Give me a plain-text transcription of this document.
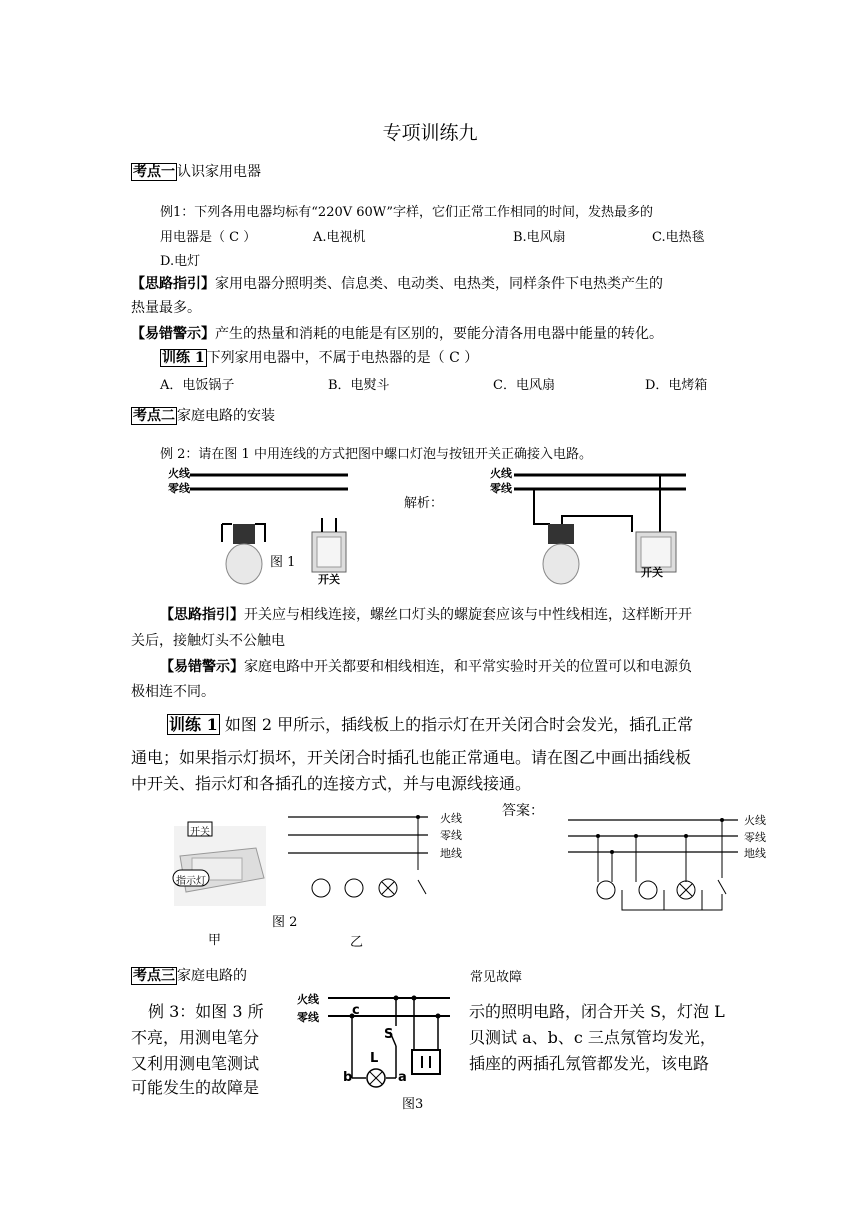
专项训练九
考点一 认识家用电器
例1：下列各用电器均标有“220V 60W”字样，它们正常工作相同的时间，发热最多的
用电器是（ C ）	A.电视机	B.电风扇	C.电热毯
D.电灯
【思路指引】家用电器分照明类、信息类、电动类、电热类，同样条件下电热类产生的
热量最多。
【易错警示】产生的热量和消耗的电能是有区别的，要能分清各用电器中能量的转化。
训练 1 下列家用电器中，不属于电热器的是（ C ）
A．电饭锅子	B．电熨斗	C．电风扇	D．电烤箱
考点二 家庭电路的安装
例 2：请在图 1 中用连线的方式把图中螺口灯泡与按钮开关正确接入电路。
火线
零线
图 1
开关
解析：
火线
零线
开关
【思路指引】开关应与相线连接，螺丝口灯头的螺旋套应该与中性线相连，这样断开开
关后，接触灯头不公触电
【易错警示】家庭电路中开关都要和相线相连，和平常实验时开关的位置可以和电源负
极相连不同。
训练 1 如图 2 甲所示，插线板上的指示灯在开关闭合时会发光，插孔正常
通电；如果指示灯损坏，开关闭合时插孔也能正常通电。请在图乙中画出插线板
中开关、指示灯和各插孔的连接方式，并与电源线接通。
开关
指示灯
火线
零线
地线
图 2
甲	乙
答案：
火线
零线
地线
考点三 家庭电路的	常见故障
例 3：如图 3 所
不亮，用测电笔分
又利用测电笔测试
可能发生的故障是
示的照明电路，闭合开关 S，灯泡 L
贝测试 a、b、c 三点氖管均发光，
插座的两插孔氖管都发光，该电路
火线
零线	c
S
L
a
b
图3
